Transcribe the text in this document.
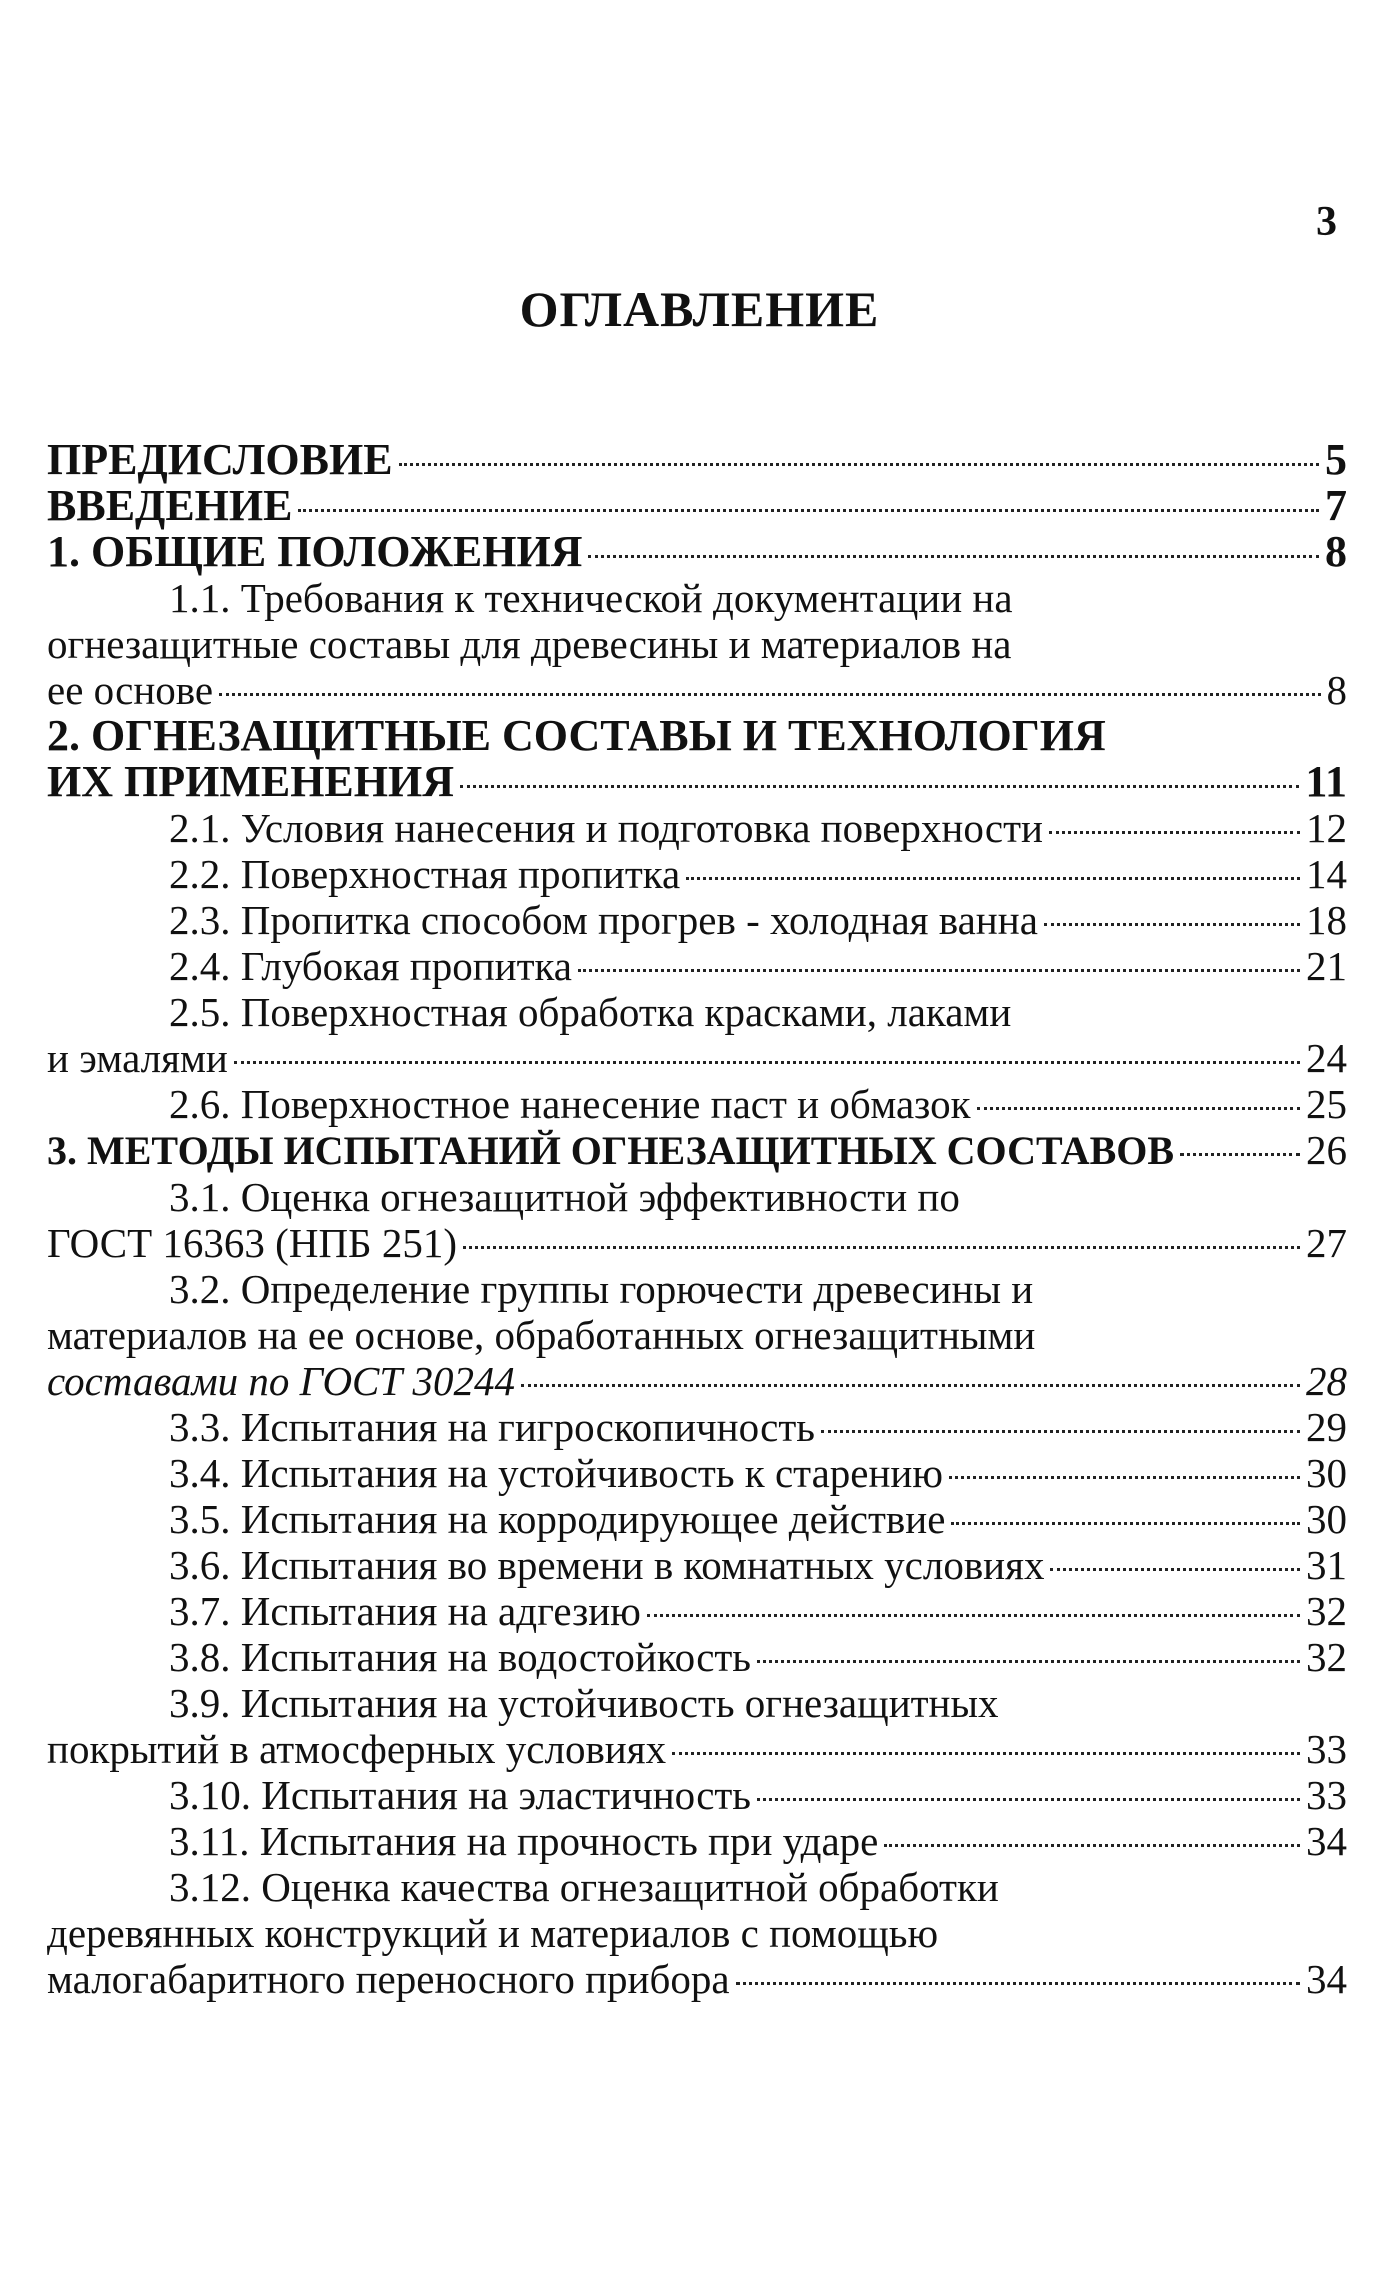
3
ОГЛАВЛЕНИЕ
ПРЕДИСЛОВИЕ	5
ВВЕДЕНИЕ	7
1. ОБЩИЕ ПОЛОЖЕНИЯ	8
1.1. Требования к технической документации на
огнезащитные составы для древесины и материалов на
ее основе	8
2. ОГНЕЗАЩИТНЫЕ СОСТАВЫ И ТЕХНОЛОГИЯ
ИХ ПРИМЕНЕНИЯ	11
2.1. Условия нанесения и подготовка поверхности	12
2.2. Поверхностная пропитка	14
2.3. Пропитка способом прогрев - холодная ванна	18
2.4. Глубокая пропитка	21
2.5. Поверхностная обработка красками, лаками
и эмалями	24
2.6. Поверхностное нанесение паст и обмазок	25
3. МЕТОДЫ ИСПЫТАНИЙ ОГНЕЗАЩИТНЫХ СОСТАВОВ	26
3.1. Оценка огнезащитной эффективности по
ГОСТ 16363 (НПБ 251)	27
3.2. Определение группы горючести древесины и
материалов на ее основе, обработанных огнезащитными
составами по ГОСТ 30244	28
3.3. Испытания на гигроскопичность	29
3.4. Испытания на устойчивость к старению	30
3.5. Испытания на корродирующее действие	30
3.6. Испытания во времени в комнатных условиях	31
3.7. Испытания на адгезию	32
3.8. Испытания на водостойкость	32
3.9. Испытания на устойчивость огнезащитных
покрытий в атмосферных условиях	33
3.10. Испытания на эластичность	33
3.11. Испытания на прочность при ударе	34
3.12. Оценка качества огнезащитной обработки
деревянных конструкций и материалов с помощью
малогабаритного переносного прибора	34
